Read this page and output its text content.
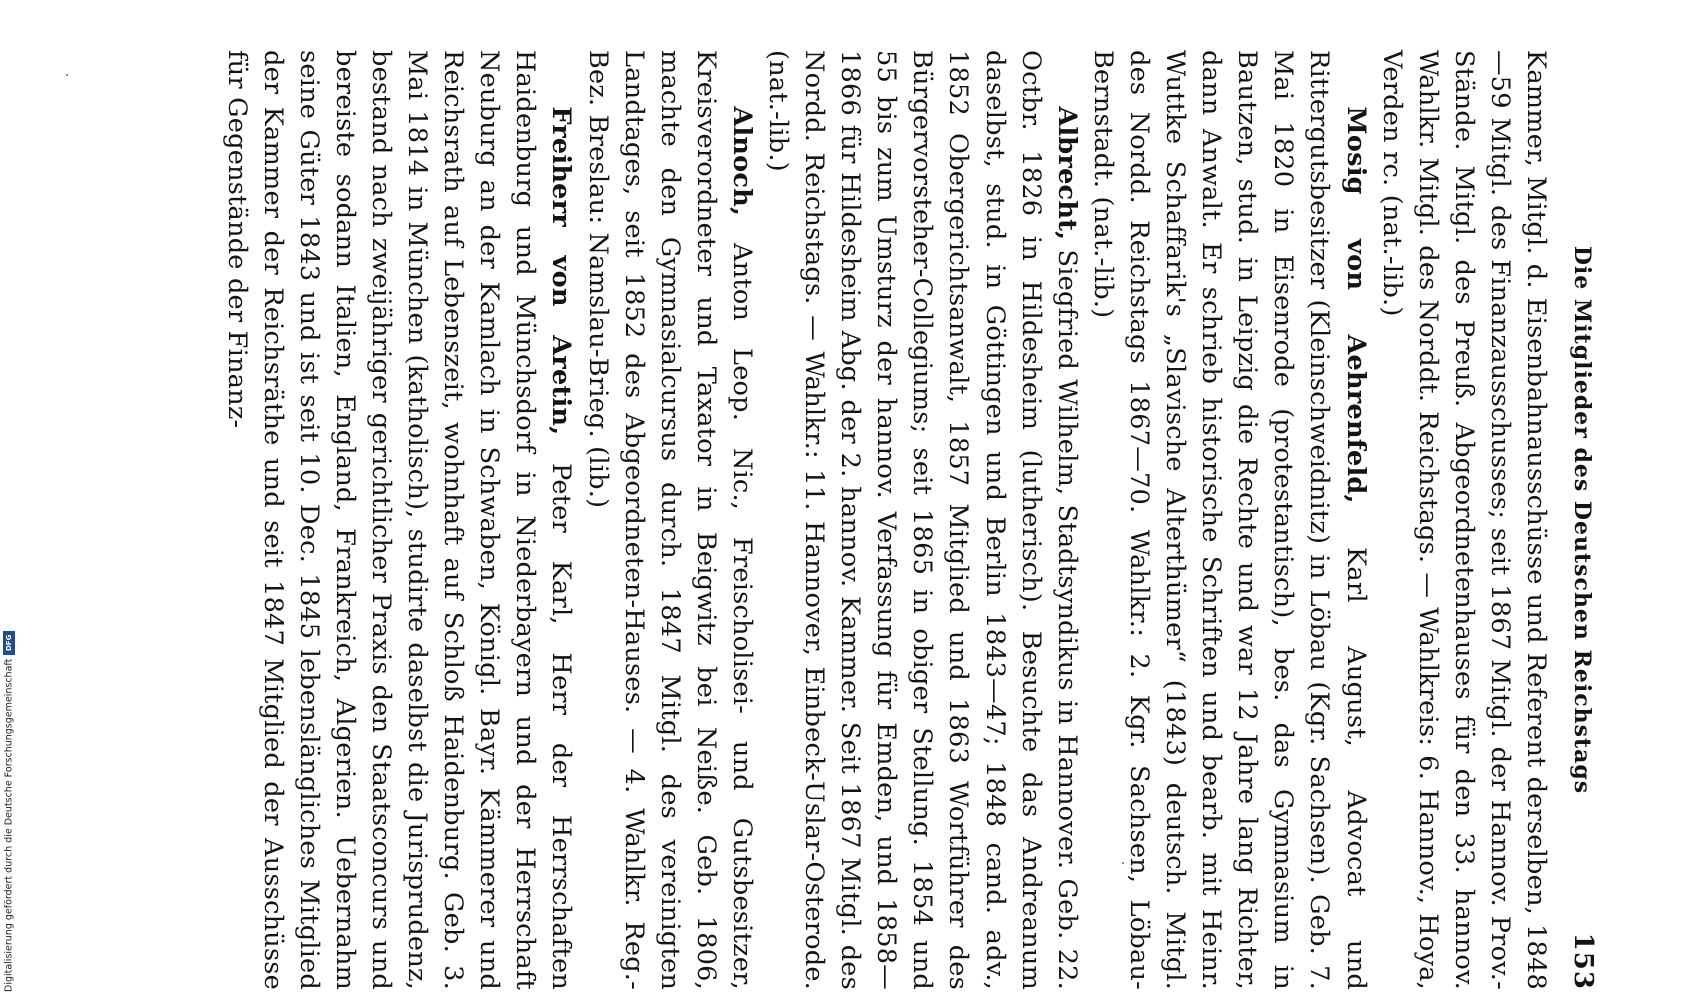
Die Mitglieder des Deutschen Reichstags
153

Kammer, Mitgl. d. Eisenbahnausschüsse und Referent derselben, 1848—59 Mitgl. des Finanzausschusses; seit 1867 Mitgl. der Hannov. Prov.-Stände. Mitgl. des Preuß. Abgeordnetenhauses für den 33. hannov. Wahlkr. Mitgl. des Norddt. Reichstags. — Wahlkreis: 6. Hannov., Hoya, Verden rc. (nat.-lib.)

Mosig von Aehrenfeld, Karl August, Advocat und Rittergutsbesitzer (Kleinschweidnitz) in Löbau (Kgr. Sachsen). Geb. 7. Mai 1820 in Eisenrode (protestantisch), bes. das Gymnasium in Bautzen, stud. in Leipzig die Rechte und war 12 Jahre lang Richter, dann Anwalt. Er schrieb historische Schriften und bearb. mit Heinr. Wuttke Schaffarik's „Slavische Alterthümer“ (1843) deutsch. Mitgl. des Nordd. Reichstags 1867—70. Wahlkr.: 2. Kgr. Sachsen, Löbau-Bernstadt. (nat.-lib.)

Albrecht, Siegfried Wilhelm, Stadtsyndikus in Hannover. Geb. 22. Octbr. 1826 in Hildesheim (lutherisch). Besuchte das Andreanum daselbst, stud. in Göttingen und Berlin 1843—47; 1848 cand. adv., 1852 Obergerichtsanwalt, 1857 Mitglied und 1863 Wortführer des Bürgervorsteher-Collegiums; seit 1865 in obiger Stellung. 1854 und 55 bis zum Umsturz der hannov. Verfassung für Emden, und 1858—1866 für Hildesheim Abg. der 2. hannov. Kammer. Seit 1867 Mitgl. des Nordd. Reichstags. — Wahlkr.: 11. Hannover, Einbeck-Uslar-Osterode. (nat.-lib.)

Alnoch, Anton Leop. Nic., Freischolisei- und Gutsbesitzer, Kreisverordneter und Taxator in Beigwitz bei Neiße. Geb. 1806, machte den Gymnasialcursus durch. 1847 Mitgl. des vereinigten Landtages, seit 1852 des Abgeordneten-Hauses. — 4. Wahlkr. Reg.-Bez. Breslau: Namslau-Brieg. (lib.)

Freiherr von Aretin, Peter Karl, Herr der Herrschaften Haidenburg und Münchsdorf in Niederbayern und der Herrschaft Neuburg an der Kamlach in Schwaben, Königl. Bayr. Kämmerer und Reichsrath auf Lebenszeit, wohnhaft auf Schloß Haidenburg. Geb. 3. Mai 1814 in München (katholisch), studirte daselbst die Jurisprudenz, bestand nach zweijähriger gerichtlicher Praxis den Staatsconcurs und bereiste sodann Italien, England, Frankreich, Algerien. Uebernahm seine Güter 1843 und ist seit 10. Dec. 1845 lebenslängliches Mitglied der Kammer der Reichsräthe und seit 1847 Mitglied der Ausschüsse für Gegenstände der Finanz-

Digitalisierung gefördert durch die Deutsche Forschungsgemeinschaft
DFG
